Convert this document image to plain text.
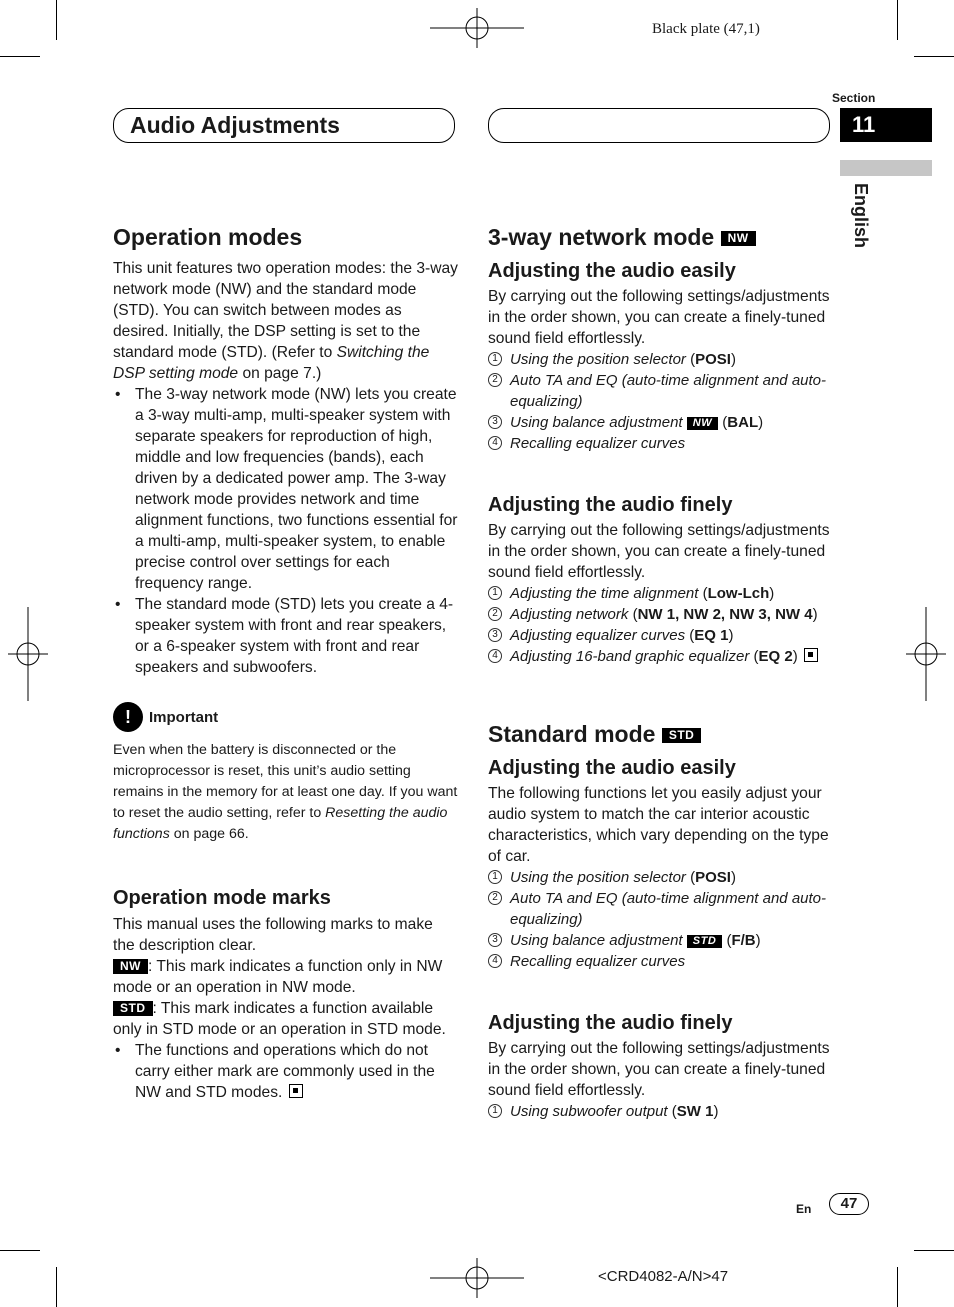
Black plate (47,1)
Section
11
English
Audio Adjustments
Operation modes
This unit features two operation modes: the 3-way network mode (NW) and the standard mode (STD). You can switch between modes as desired. Initially, the DSP setting is set to the standard mode (STD). (Refer to Switching the DSP setting mode on page 7.)
• The 3-way network mode (NW) lets you create a 3-way multi-amp, multi-speaker system with separate speakers for reproduction of high, middle and low frequencies (bands), each driven by a dedicated power amp. The 3-way network mode provides network and time alignment functions, two functions essential for a multi-amp, multi-speaker system, to enable precise control over settings for each frequency range.
• The standard mode (STD) lets you create a 4-speaker system with front and rear speakers, or a 6-speaker system with front and rear speakers and subwoofers.
!	Important
Even when the battery is disconnected or the microprocessor is reset, this unit’s audio setting remains in the memory for at least one day. If you want to reset the audio setting, refer to Resetting the audio functions on page 66.
Operation mode marks
This manual uses the following marks to make the description clear.
NW : This mark indicates a function only in NW mode or an operation in NW mode.
STD : This mark indicates a function available only in STD mode or an operation in STD mode.
• The functions and operations which do not carry either mark are commonly used in the NW and STD modes.
3-way network mode NW
Adjusting the audio easily
By carrying out the following settings/adjustments in the order shown, you can create a finely-tuned sound field effortlessly.
1 Using the position selector (POSI)
2 Auto TA and EQ (auto-time alignment and auto-equalizing)
3 Using balance adjustment NW (BAL)
4 Recalling equalizer curves
Adjusting the audio finely
By carrying out the following settings/adjustments in the order shown, you can create a finely-tuned sound field effortlessly.
1 Adjusting the time alignment (Low-Lch)
2 Adjusting network (NW 1, NW 2, NW 3, NW 4)
3 Adjusting equalizer curves (EQ 1)
4 Adjusting 16-band graphic equalizer (EQ 2)
Standard mode STD
Adjusting the audio easily
The following functions let you easily adjust your audio system to match the car interior acoustic characteristics, which vary depending on the type of car.
1 Using the position selector (POSI)
2 Auto TA and EQ (auto-time alignment and auto-equalizing)
3 Using balance adjustment STD (F/B)
4 Recalling equalizer curves
Adjusting the audio finely
By carrying out the following settings/adjustments in the order shown, you can create a finely-tuned sound field effortlessly.
1 Using subwoofer output (SW 1)
En	47
<CRD4082-A/N>47
